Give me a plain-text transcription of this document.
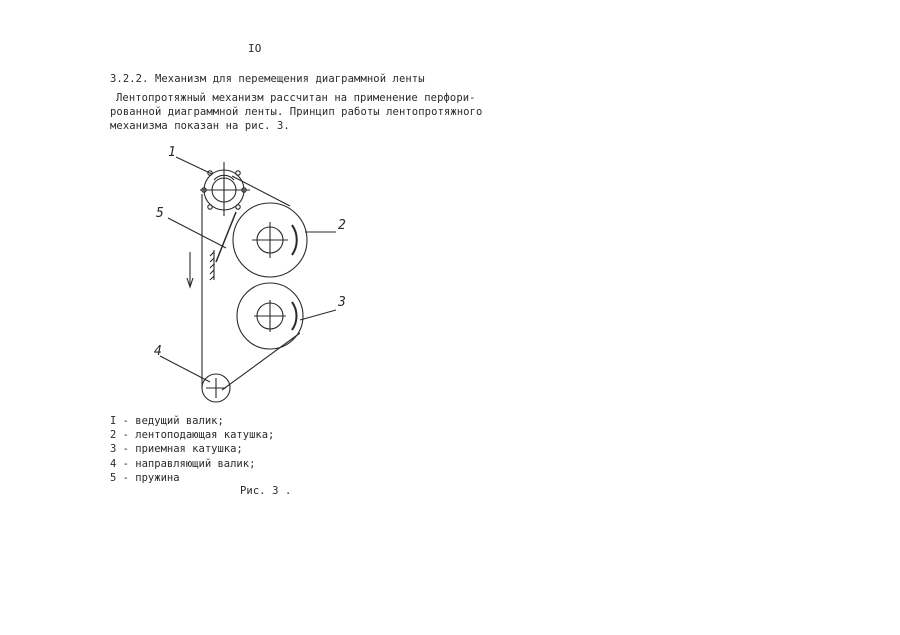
IO
3.2.2. Механизм для перемещения диаграммной ленты
Лентопротяжный механизм рассчитан на применение перфори-
рованной диаграммной ленты. Принцип работы лентопротяжного
механизма показан на рис. 3.
1
2
3
4
5
I - ведущий валик;
2 - лентоподающая катушка;
3 - приемная катушка;
4 - направляющий валик;
5 - пружина
Рис. 3 .
